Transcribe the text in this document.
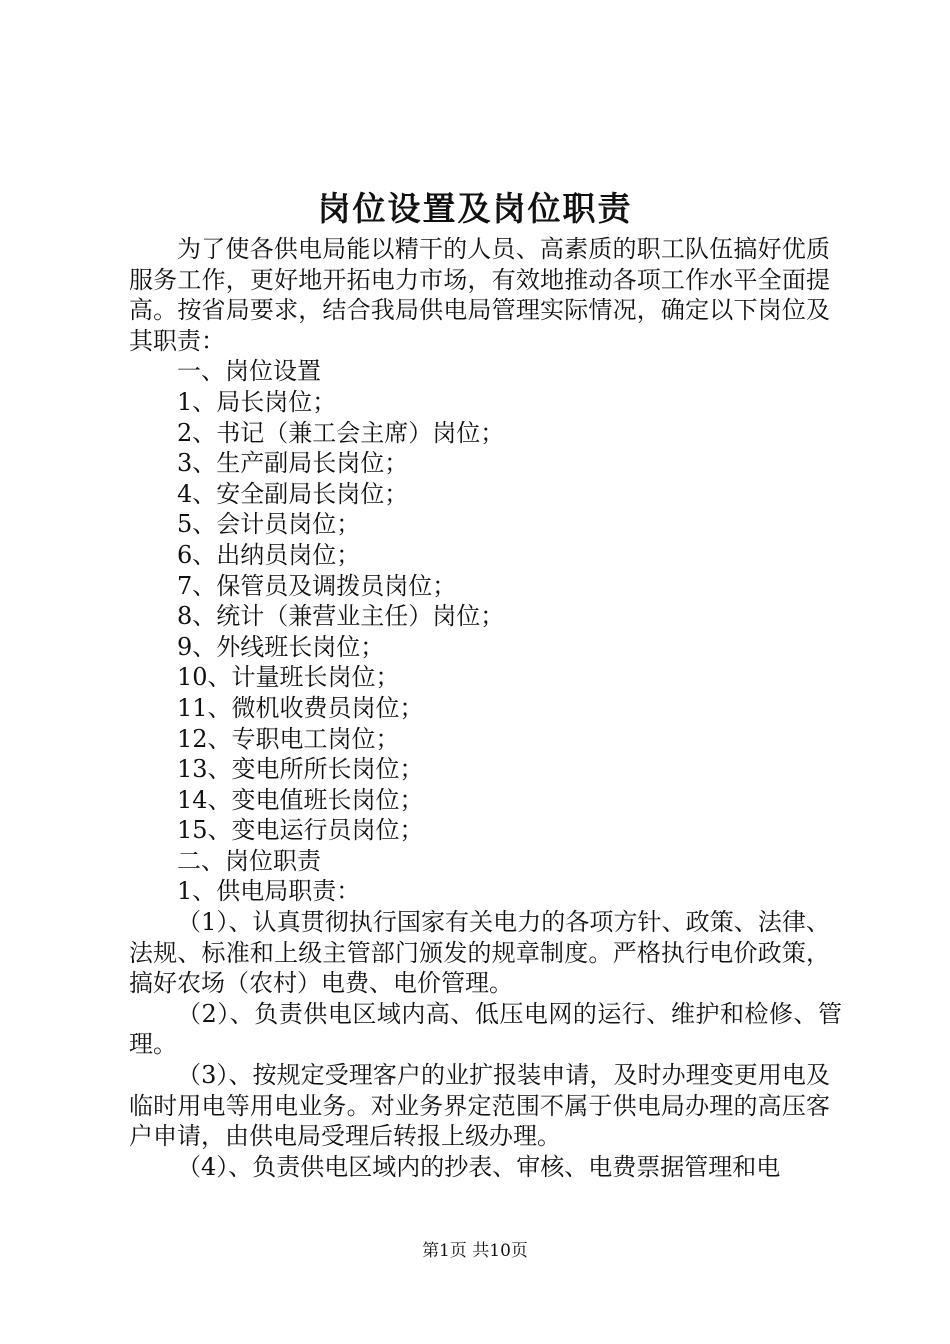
岗位设置及岗位职责

为了使各供电局能以精干的人员、高素质的职工队伍搞好优质服务工作，更好地开拓电力市场，有效地推动各项工作水平全面提高。按省局要求，结合我局供电局管理实际情况，确定以下岗位及其职责：

一、岗位设置

1、局长岗位；

2、书记（兼工会主席）岗位；

3、生产副局长岗位；

4、安全副局长岗位；

5、会计员岗位；

6、出纳员岗位；

7、保管员及调拨员岗位；

8、统计（兼营业主任）岗位；

9、外线班长岗位；

10、计量班长岗位；

11、微机收费员岗位；

12、专职电工岗位；

13、变电所所长岗位；

14、变电值班长岗位；

15、变电运行员岗位；

二、岗位职责

1、供电局职责：

（1）、认真贯彻执行国家有关电力的各项方针、政策、法律、法规、标准和上级主管部门颁发的规章制度。严格执行电价政策，搞好农场（农村）电费、电价管理。

（2）、负责供电区域内高、低压电网的运行、维护和检修、管理。

（3）、按规定受理客户的业扩报装申请，及时办理变更用电及临时用电等用电业务。对业务界定范围不属于供电局办理的高压客户申请，由供电局受理后转报上级办理。

（4）、负责供电区域内的抄表、审核、电费票据管理和电

第1页 共10页
